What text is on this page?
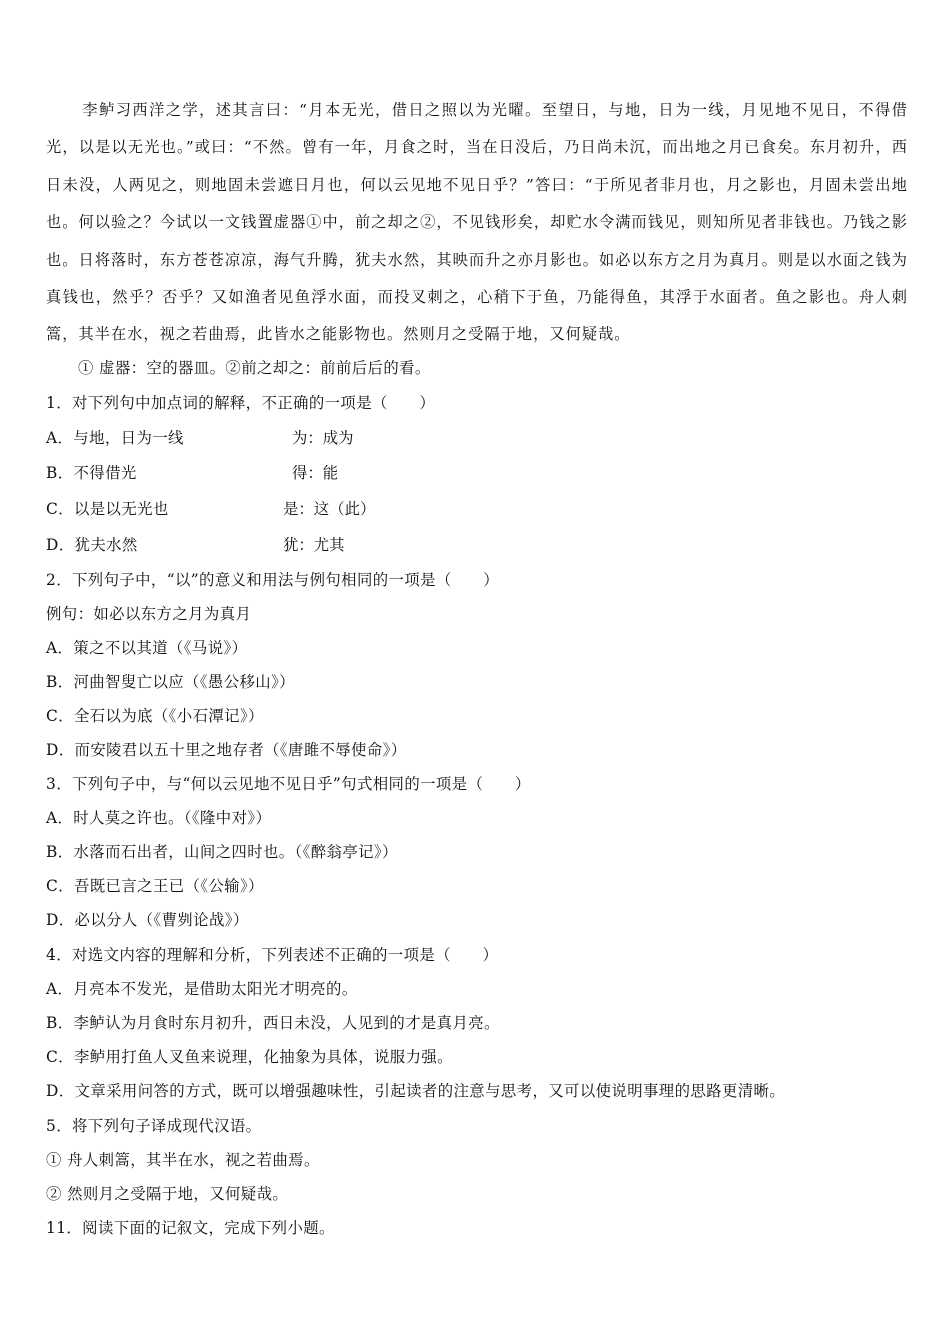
李鲈习西洋之学，述其言曰：“月本无光，借日之照以为光曜。至望日，与地，日为一线，月见地不见日，不得借光，以是以无光也。”或曰：“不然。曾有一年，月食之时，当在日没后，乃日尚未沉，而出地之月已食矣。东月初升，西日未没，人两见之，则地固未尝遮日月也，何以云见地不见日乎？”答曰：“于所见者非月也，月之影也，月固未尝出地也。何以验之？今试以一文钱置虚器①中，前之却之②，不见钱形矣，却贮水令满而钱见，则知所见者非钱也。乃钱之影也。日将落时，东方苍苍凉凉，海气升腾，犹夫水然，其映而升之亦月影也。如必以东方之月为真月。则是以水面之钱为真钱也，然乎？否乎？又如渔者见鱼浮水面，而投叉刺之，心稍下于鱼，乃能得鱼，其浮于水面者。鱼之影也。舟人刺篙，其半在水，视之若曲焉，此皆水之能影物也。然则月之受隔于地，又何疑哉。

① 虚器：空的器皿。②前之却之：前前后后的看。
1．对下列句中加点词的解释，不正确的一项是（　　）
A．与地，日为一线	为：成为
B．不得借光	得：能
C．以是以无光也	是：这（此）
D．犹夫水然	犹：尤其
2．下列句子中，“以”的意义和用法与例句相同的一项是（　　）
例句：如必以东方之月为真月
A．策之不以其道（《马说》）
B．河曲智叟亡以应（《愚公移山》）
C．全石以为底（《小石潭记》）
D．而安陵君以五十里之地存者（《唐雎不辱使命》）
3．下列句子中，与“何以云见地不见日乎”句式相同的一项是（　　）
A．时人莫之许也。（《隆中对》）
B．水落而石出者，山间之四时也。（《醉翁亭记》）
C．吾既已言之王已（《公输》）
D．必以分人（《曹刿论战》）
4．对选文内容的理解和分析，下列表述不正确的一项是（　　）
A．月亮本不发光，是借助太阳光才明亮的。
B．李鲈认为月食时东月初升，西日未没，人见到的才是真月亮。
C．李鲈用打鱼人叉鱼来说理，化抽象为具体，说服力强。
D．文章采用问答的方式，既可以增强趣味性，引起读者的注意与思考，又可以使说明事理的思路更清晰。
5．将下列句子译成现代汉语。
① 舟人刺篙，其半在水，视之若曲焉。
② 然则月之受隔于地，又何疑哉。
11．阅读下面的记叙文，完成下列小题。
